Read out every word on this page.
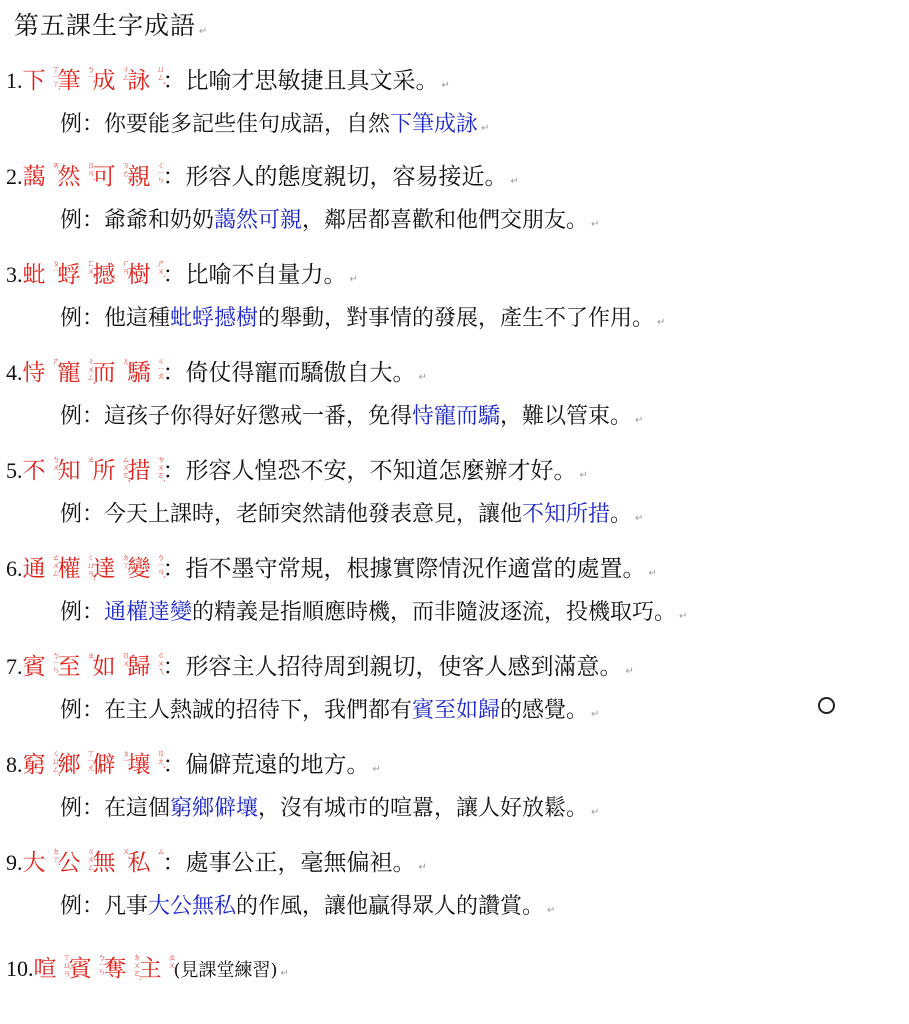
第五課生字成語 ↵
1.下 ㄒㄧㄚˋ
筆 ㄅㄧˇ
成 ㄔㄥˊ
詠 ㄩㄥˇ
：比喻才思敏捷且具文采。 ↵
例：你要能多記些佳句成語，自然下筆成詠 ↵
2.藹 ㄞˇ
然 ㄖㄢˊ
可 ㄎㄜˇ
親 ㄑㄧㄣ
：形容人的態度親切，容易接近。 ↵
例：爺爺和奶奶藹然可親，鄰居都喜歡和他們交朋友。 ↵
3.蚍 ㄆㄧˊ
蜉 ㄈㄨˊ
撼 ㄏㄢˋ
樹 ㄕㄨˋ
：比喻不自量力。 ↵
例：他這種蚍蜉撼樹的舉動，對事情的發展，產生不了作用。 ↵
4.恃 ㄕˋ
寵 ㄔㄨㄥˇ
而 ㄦˊ
驕 ㄐㄧㄠ
：倚仗得寵而驕傲自大。 ↵
例：這孩子你得好好懲戒一番，免得恃寵而驕，難以管束。 ↵
5.不 ㄅㄨˋ
知 ㄓ
所 ㄙㄨㄛˇ
措 ㄘㄨㄛˋ
：形容人惶恐不安，不知道怎麼辦才好。 ↵
例：今天上課時，老師突然請他發表意見，讓他不知所措。 ↵
6.通 ㄊㄨㄥ
權 ㄑㄩㄢˊ
達 ㄉㄚˊ
變 ㄅㄧㄢˋ
：指不墨守常規，根據實際情況作適當的處置。 ↵
例：通權達變的精義是指順應時機，而非隨波逐流，投機取巧。 ↵
7.賓 ㄅㄧㄣ
至 ㄓˋ
如 ㄖㄨˊ
歸 ㄍㄨㄟ
：形容主人招待周到親切，使客人感到滿意。 ↵
例：在主人熱誠的招待下，我們都有賓至如歸的感覺。 ↵
8.窮 ㄑㄩㄥˊ
鄉 ㄒㄧㄤ
僻 ㄆㄧˋ
壤 ㄖㄤˇ
：偏僻荒遠的地方。 ↵
例：在這個窮鄉僻壤，沒有城市的喧囂，讓人好放鬆。 ↵
9.大 ㄉㄚˋ
公 ㄍㄨㄥ
無 ㄨˊ
私 ㄙ
：處事公正，毫無偏袒。 ↵
例：凡事大公無私的作風，讓他贏得眾人的讚賞。 ↵
10.喧 ㄒㄩㄢ
賓 ㄅㄧㄣ
奪 ㄉㄨㄛˊ
主 ㄓㄨˇ
(見課堂練習) ↵
